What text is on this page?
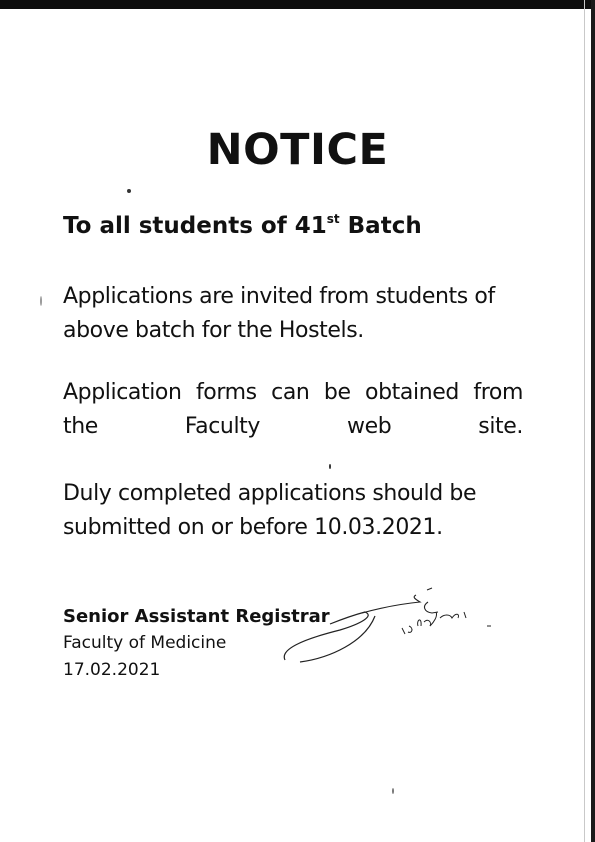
NOTICE
To all students of 41st Batch

Applications are invited from students of above batch for the Hostels.

Application forms can be obtained from the Faculty web site.

Duly completed applications should be submitted on or before 10.03.2021.

Senior Assistant Registrar
Faculty of Medicine
17.02.2021
